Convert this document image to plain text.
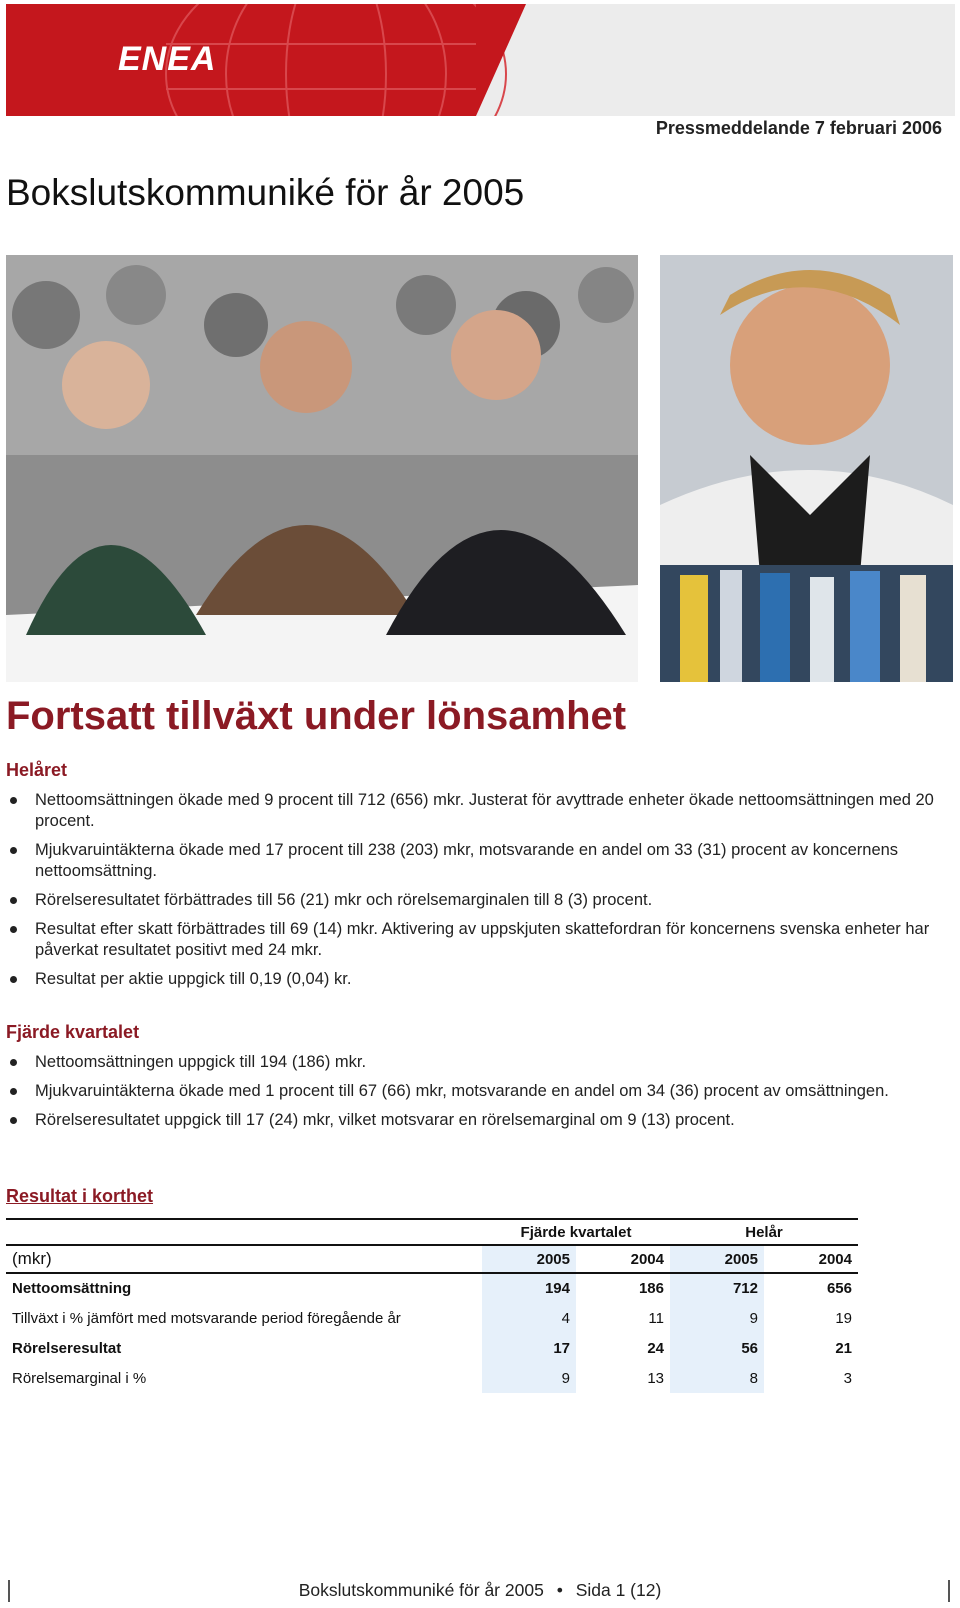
ENEA
Pressmeddelande 7 februari 2006
Bokslutskommuniké för år 2005
Fortsatt tillväxt under lönsamhet
Helåret
Nettoomsättningen ökade med 9 procent till 712 (656) mkr. Justerat för avyttrade enheter ökade nettoomsättningen med 20 procent.
Mjukvaruintäkterna ökade med 17 procent till 238 (203) mkr, motsvarande en andel om 33 (31) procent av koncernens nettoomsättning.
Rörelseresultatet förbättrades till 56 (21) mkr och rörelsemarginalen till 8 (3) procent.
Resultat efter skatt förbättrades till 69 (14) mkr. Aktivering av uppskjuten skattefordran för koncernens svenska enheter har påverkat resultatet positivt med 24 mkr.
Resultat per aktie uppgick till 0,19 (0,04) kr.
Fjärde kvartalet
Nettoomsättningen uppgick till 194 (186) mkr.
Mjukvaruintäkterna ökade med 1 procent till 67 (66) mkr, motsvarande en andel om 34 (36) procent av omsättningen.
Rörelseresultatet uppgick till 17 (24) mkr, vilket motsvarar en rörelsemarginal om 9 (13) procent.
Resultat i korthet
	Fjärde kvartalet		Helår	
(mkr)	2005	2004	2005	2004
Nettoomsättning	194	186	712	656
Tillväxt i % jämfört med motsvarande period föregående år	4	11	9	19
Rörelseresultat	17	24	56	21
Rörelsemarginal i %	9	13	8	3
Bokslutskommuniké för år 2005 • Sida 1 (12)
